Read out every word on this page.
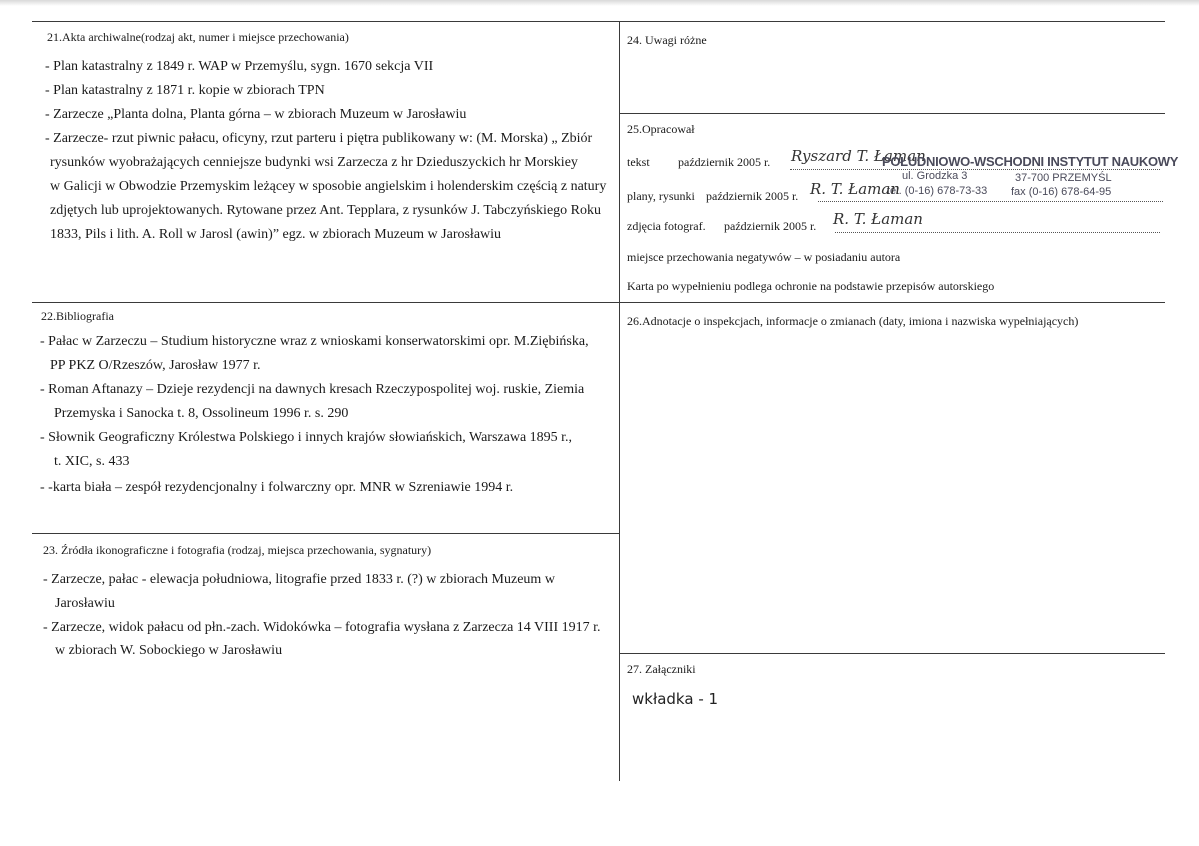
21.Akta archiwalne(rodzaj akt, numer i miejsce przechowania)
- Plan katastralny z 1849 r. WAP w Przemyślu, sygn. 1670 sekcja VII
- Plan katastralny z 1871 r. kopie w zbiorach TPN
- Zarzecze „Planta dolna, Planta górna – w zbiorach Muzeum w Jarosławiu
- Zarzecze- rzut piwnic pałacu, oficyny, rzut parteru i piętra publikowany w: (M. Morska) „ Zbiór
rysunków wyobrażających cenniejsze budynki wsi Zarzecza z hr Dzieduszyckich hr Morskiey
w Galicji w Obwodzie Przemyskim leżącey w sposobie angielskim i holenderskim częścią z natury
zdjętych lub uprojektowanych. Rytowane przez Ant. Tepplara, z rysunków J. Tabczyńskiego Roku
1833, Pils i lith. A. Roll w Jarosl (awin)” egz. w zbiorach Muzeum w Jarosławiu
22.Bibliografia
- Pałac w Zarzeczu – Studium historyczne wraz z wnioskami konserwatorskimi opr. M.Ziębińska,
PP PKZ O/Rzeszów, Jarosław 1977 r.
- Roman Aftanazy – Dzieje rezydencji na dawnych kresach Rzeczypospolitej woj. ruskie, Ziemia
Przemyska i Sanocka t. 8, Ossolineum 1996 r. s. 290
- Słownik Geograficzny Królestwa Polskiego i innych krajów słowiańskich, Warszawa 1895 r.,
t. XIC, s. 433
- -karta biała – zespół rezydencjonalny i folwarczny opr. MNR w Szreniawie 1994 r.
23. Źródła ikonograficzne i fotografia (rodzaj, miejsca przechowania, sygnatury)
- Zarzecze, pałac - elewacja południowa, litografie przed 1833 r. (?) w zbiorach Muzeum w
Jarosławiu
- Zarzecze, widok pałacu od płn.-zach. Widokówka – fotografia wysłana z Zarzecza 14 VIII 1917 r.
w zbiorach W. Sobockiego w Jarosławiu
24. Uwagi różne
25.Opracował
tekst październik 2005 r. Ryszard T. Łaman
POŁUDNIOWO-WSCHODNI INSTYTUT NAUKOWY
ul. Grodzka 3	37-700 PRZEMYŚL
tel. (0-16) 678-73-33 fax (0-16) 678-64-95
plany, rysunki październik 2005 r. R. T. Łaman
zdjęcia fotograf. październik 2005 r. R. T. Łaman
miejsce przechowania negatywów – w posiadaniu autora
Karta po wypełnieniu podlega ochronie na podstawie przepisów autorskiego
26.Adnotacje o inspekcjach, informacje o zmianach (daty, imiona i nazwiska wypełniających)
27. Załączniki
wkładka - 1
